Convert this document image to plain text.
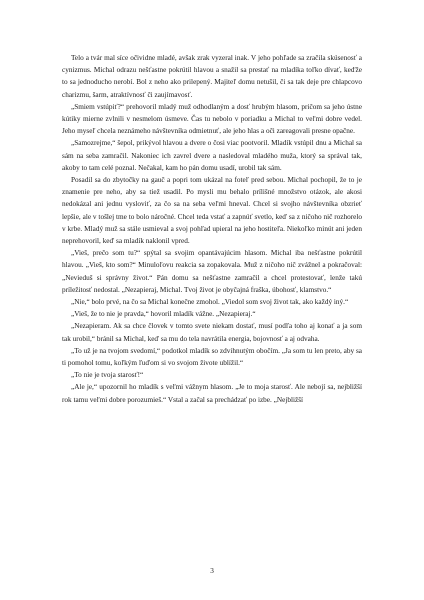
Telo a tvár mal síce očividne mladé, avšak zrak vyzeral inak. V jeho pohľade sa zračila skúsenosť a cynizmus. Michal odrazu nešťastne pokrútil hlavou a snažil sa prestať na mladíka toľko dívať, keďže to sa jednoducho nerobí. Bol z neho ako prilepený. Majiteľ domu netušil, či sa tak deje pre chlapcovo charizmu, šarm, atraktívnosť či zaujímavosť.

„Smiem vstúpiť?“ prehovoril mladý muž odhodlaným a dosť hrubým hlasom, pričom sa jeho ústne kútiky mierne zvlnili v nesmelom úsmeve. Čas tu nebolo v poriadku a Michal to veľmi dobre vedel. Jeho myseľ chcela neznámeho návštevníka odmietnuť, ale jeho hlas a oči zareagovali presne opačne.

„Samozrejme,“ šepol, prikývol hlavou a dvere o čosi viac pootvoril. Mladík vstúpil dnu a Michal sa sám na seba zamračil. Nakoniec ich zavrel dvere a nasledoval mladého muža, ktorý sa správal tak, akoby to tam celé poznal. Nečakal, kam ho pán domu usadí, urobil tak sám.

Posadil sa do zbytočky na gauč a popri tom ukázal na foteľ pred sebou. Michal pochopil, že to je znamenie pre neho, aby sa tiež usadil. Po mysli mu behalo prílišné množstvo otázok, ale akosi nedokázal ani jednu vysloviť, za čo sa na seba veľmi hneval. Chcel si svojho návštevníka obzrieť lepšie, ale v tošlej tme to bolo náročné. Chcel teda vstať a zapnúť svetlo, keď sa z ničoho nič rozhorelo v krbe. Mladý muž sa stále usmieval a svoj pohľad upieral na jeho hostiteľa. Niekoľko minút ani jeden neprehovoril, keď sa mladík naklonil vpred.

„Vieš, prečo som tu?“ spýtal sa svojim opantávajúcim hlasom. Michal iba nešťastne pokrútil hlavou. „Vieš, kto som?“ Minuloľovu reakcia sa zopakovala. Muž z ničoho nič zvážnel a pokračoval: „Nevieduš si správny život.“ Pán domu sa nešťastne zamračil a chcel protestovať, lenže takú príležitosť nedostal. „Nezapieraj, Michal. Tvoj život je obyčajná fraška, úbohosť, klamstvo.“

„Nie,“ bolo prvé, na čo sa Michal konečne zmohol. „Viedol som svoj život tak, ako každý iný.“

„Vieš, že to nie je pravda,“ hovoril mladík vážne. „Nezapieraj.“

„Nezapieram. Ak sa chce človek v tomto svete niekam dostať, musí podľa toho aj konať a ja som tak urobil,“ bránil sa Michal, keď sa mu do tela navrátila energia, bojovnosť a aj odvaha.

„To už je na tvojom svedomí,“ podotkol mladík so zdvihnutým obočím. „Ja som tu len preto, aby sa ti pomohol tomu, koľkým ľuďom si vo svojom živote ublížil.“

„To nie je tvoja starosť!“

„Ale je,“ upozornil ho mladík s veľmi vážnym hlasom. „Je to moja starosť. Ale nebojí sa, nejbližší rok tamu veľmi dobre porozumieš.“ Vstal a začal sa prechádzať po izbe. „Nejbližší

3
